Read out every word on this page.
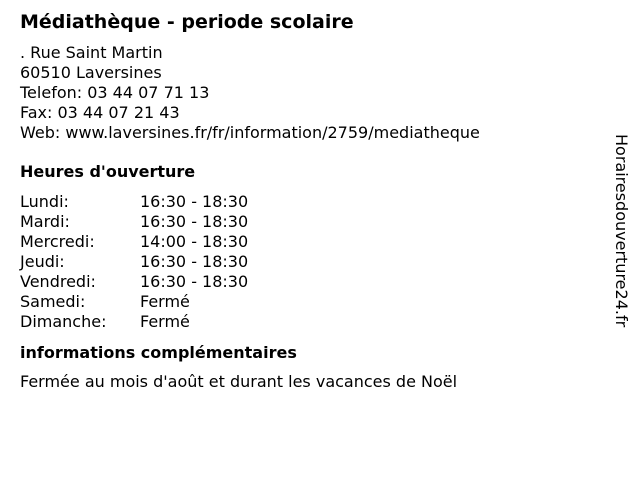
Médiathèque - periode scolaire
. Rue Saint Martin
60510 Laversines
Telefon: 03 44 07 71 13
Fax: 03 44 07 21 43
Web: www.laversines.fr/fr/information/2759/mediatheque
Heures d'ouverture
Lundi:	16:30 - 18:30
Mardi:	16:30 - 18:30
Mercredi:	14:00 - 18:30
Jeudi:	16:30 - 18:30
Vendredi:	16:30 - 18:30
Samedi:	Fermé
Dimanche:	Fermé
informations complémentaires
Fermée au mois d'août et durant les vacances de Noël
Horairesdouverture24.fr
